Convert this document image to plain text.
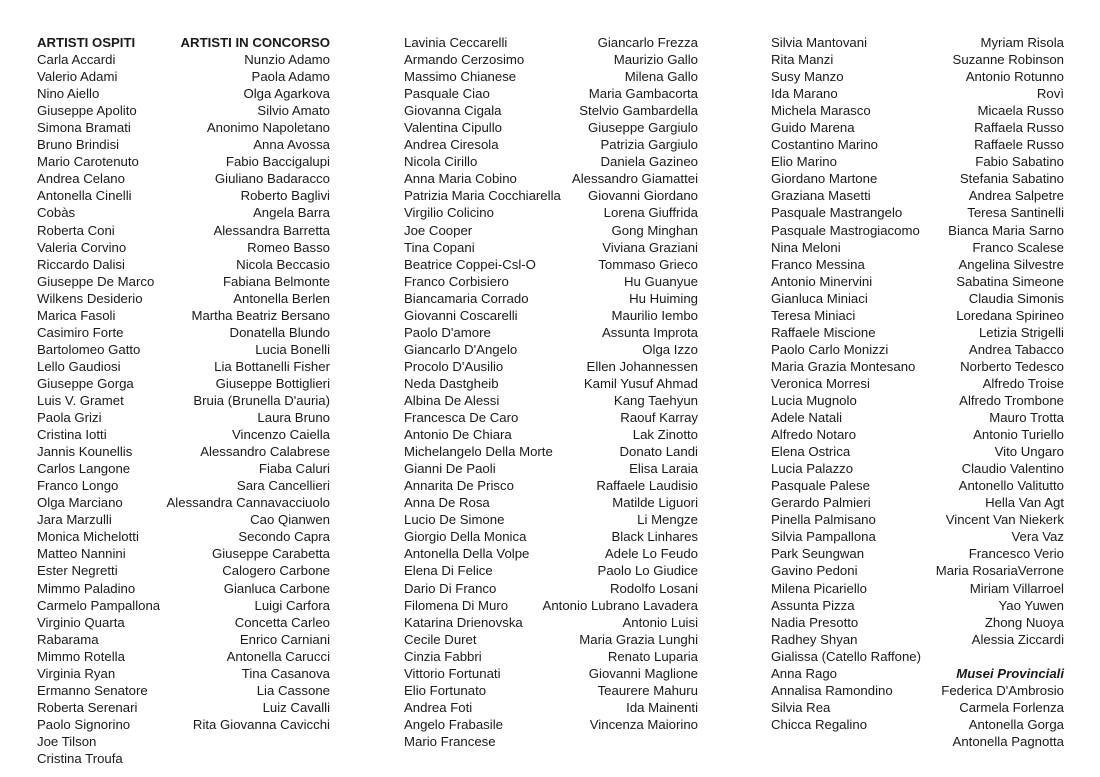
ARTISTI OSPITI
Carla Accardi
Valerio Adami
Nino Aiello
Giuseppe Apolito
Simona Bramati
Bruno Brindisi
Mario Carotenuto
Andrea Celano
Antonella Cinelli
Cobàs
Roberta Coni
Valeria Corvino
Riccardo Dalisi
Giuseppe De Marco
Wilkens Desiderio
Marica Fasoli
Casimiro Forte
Bartolomeo Gatto
Lello Gaudiosi
Giuseppe Gorga
Luis V. Gramet
Paola Grizi
Cristina Iotti
Jannis Kounellis
Carlos Langone
Franco Longo
Olga Marciano
Jara Marzulli
Monica Michelotti
Matteo Nannini
Ester Negretti
Mimmo Paladino
Carmelo Pampallona
Virginio Quarta
Rabarama
Mimmo Rotella
Virginia Ryan
Ermanno Senatore
Roberta Serenari
Paolo Signorino
Joe Tilson
Cristina Troufa
ARTISTI IN CONCORSO
Nunzio Adamo
Paola Adamo
Olga Agarkova
Silvio Amato
Anonimo Napoletano
Anna Avossa
Fabio Baccigalupi
Giuliano Badaracco
Roberto Baglivi
Angela Barra
Alessandra Barretta
Romeo Basso
Nicola Beccasio
Fabiana Belmonte
Antonella Berlen
Martha Beatriz Bersano
Donatella Blundo
Lucia Bonelli
Lia Bottanelli Fisher
Giuseppe Bottiglieri
Bruia (Brunella D'auria)
Laura Bruno
Vincenzo Caiella
Alessandro Calabrese
Fiaba Caluri
Sara Cancellieri
Alessandra Cannavacciuolo
Cao Qianwen
Secondo Capra
Giuseppe Carabetta
Calogero Carbone
Gianluca Carbone
Luigi Carfora
Concetta Carleo
Enrico Carniani
Antonella Carucci
Tina Casanova
Lia Cassone
Luiz Cavalli
Rita Giovanna Cavicchi
Lavinia Ceccarelli
Armando Cerzosimo
Massimo Chianese
Pasquale Ciao
Giovanna Cigala
Valentina Cipullo
Andrea Ciresola
Nicola Cirillo
Anna Maria Cobino
Patrizia Maria Cocchiarella
Virgilio Colicino
Joe Cooper
Tina Copani
Beatrice Coppei-Csl-O
Franco Corbisiero
Biancamaria Corrado
Giovanni Coscarelli
Paolo D'amore
Giancarlo D'Angelo
Procolo D'Ausilio
Neda Dastgheib
Albina De Alessi
Francesca De Caro
Antonio De Chiara
Michelangelo Della Morte
Gianni De Paoli
Annarita De Prisco
Anna De Rosa
Lucio De Simone
Giorgio Della Monica
Antonella Della Volpe
Elena Di Felice
Dario Di Franco
Filomena Di Muro
Katarina Drienovska
Cecile Duret
Cinzia Fabbri
Vittorio Fortunati
Elio Fortunato
Andrea Foti
Angelo Frabasile
Mario Francese
Giancarlo Frezza
Maurizio Gallo
Milena Gallo
Maria Gambacorta
Stelvio Gambardella
Giuseppe Gargiulo
Patrizia Gargiulo
Daniela Gazineo
Alessandro Giamattei
Giovanni Giordano
Lorena Giuffrida
Gong Minghan
Viviana Graziani
Tommaso Grieco
Hu Guanyue
Hu Huiming
Maurilio Iembo
Assunta Improta
Olga Izzo
Ellen Johannessen
Kamil Yusuf Ahmad
Kang Taehyun
Raouf Karray
Lak Zinotto
Donato Landi
Elisa Laraia
Raffaele Laudisio
Matilde Liguori
Li Mengze
Black Linhares
Adele Lo Feudo
Paolo Lo Giudice
Rodolfo Losani
Antonio Lubrano Lavadera
Antonio Luisi
Maria Grazia Lunghi
Renato Luparia
Giovanni Maglione
Teaurere Mahuru
Ida Mainenti
Vincenza Maiorino
Silvia Mantovani
Rita Manzi
Susy Manzo
Ida Marano
Michela Marasco
Guido Marena
Costantino Marino
Elio Marino
Giordano Martone
Graziana Masetti
Pasquale Mastrangelo
Pasquale Mastrogiacomo
Nina Meloni
Franco Messina
Antonio Minervini
Gianluca Miniaci
Teresa Miniaci
Raffaele Miscione
Paolo Carlo Monizzi
Maria Grazia Montesano
Veronica Morresi
Lucia Mugnolo
Adele Natali
Alfredo Notaro
Elena Ostrica
Lucia Palazzo
Pasquale Palese
Gerardo Palmieri
Pinella Palmisano
Silvia Pampallona
Park Seungwan
Gavino Pedoni
Milena Picariello
Assunta Pizza
Nadia Presotto
Radhey Shyan
Gialissa (Catello Raffone)
Anna Rago
Annalisa Ramondino
Silvia Rea
Chicca Regalino
Myriam Risola
Suzanne Robinson
Antonio Rotunno
Rovì
Micaela Russo
Raffaela Russo
Raffaele Russo
Fabio Sabatino
Stefania Sabatino
Andrea Salpetre
Teresa Santinelli
Bianca Maria Sarno
Franco Scalese
Angelina Silvestre
Sabatina Simeone
Claudia Simonis
Loredana Spirineo
Letizia Strigelli
Andrea Tabacco
Norberto Tedesco
Alfredo Troise
Alfredo Trombone
Mauro Trotta
Antonio Turiello
Vito Ungaro
Claudio Valentino
Antonello Valitutto
Hella Van Agt
Vincent Van Niekerk
Vera Vaz
Francesco Verio
Maria RosariaVerrone
Miriam Villarroel
Yao Yuwen
Zhong Nuoya
Alessia Ziccardi
Musei Provinciali
Federica D'Ambrosio
Carmela Forlenza
Antonella Gorga
Antonella Pagnotta
